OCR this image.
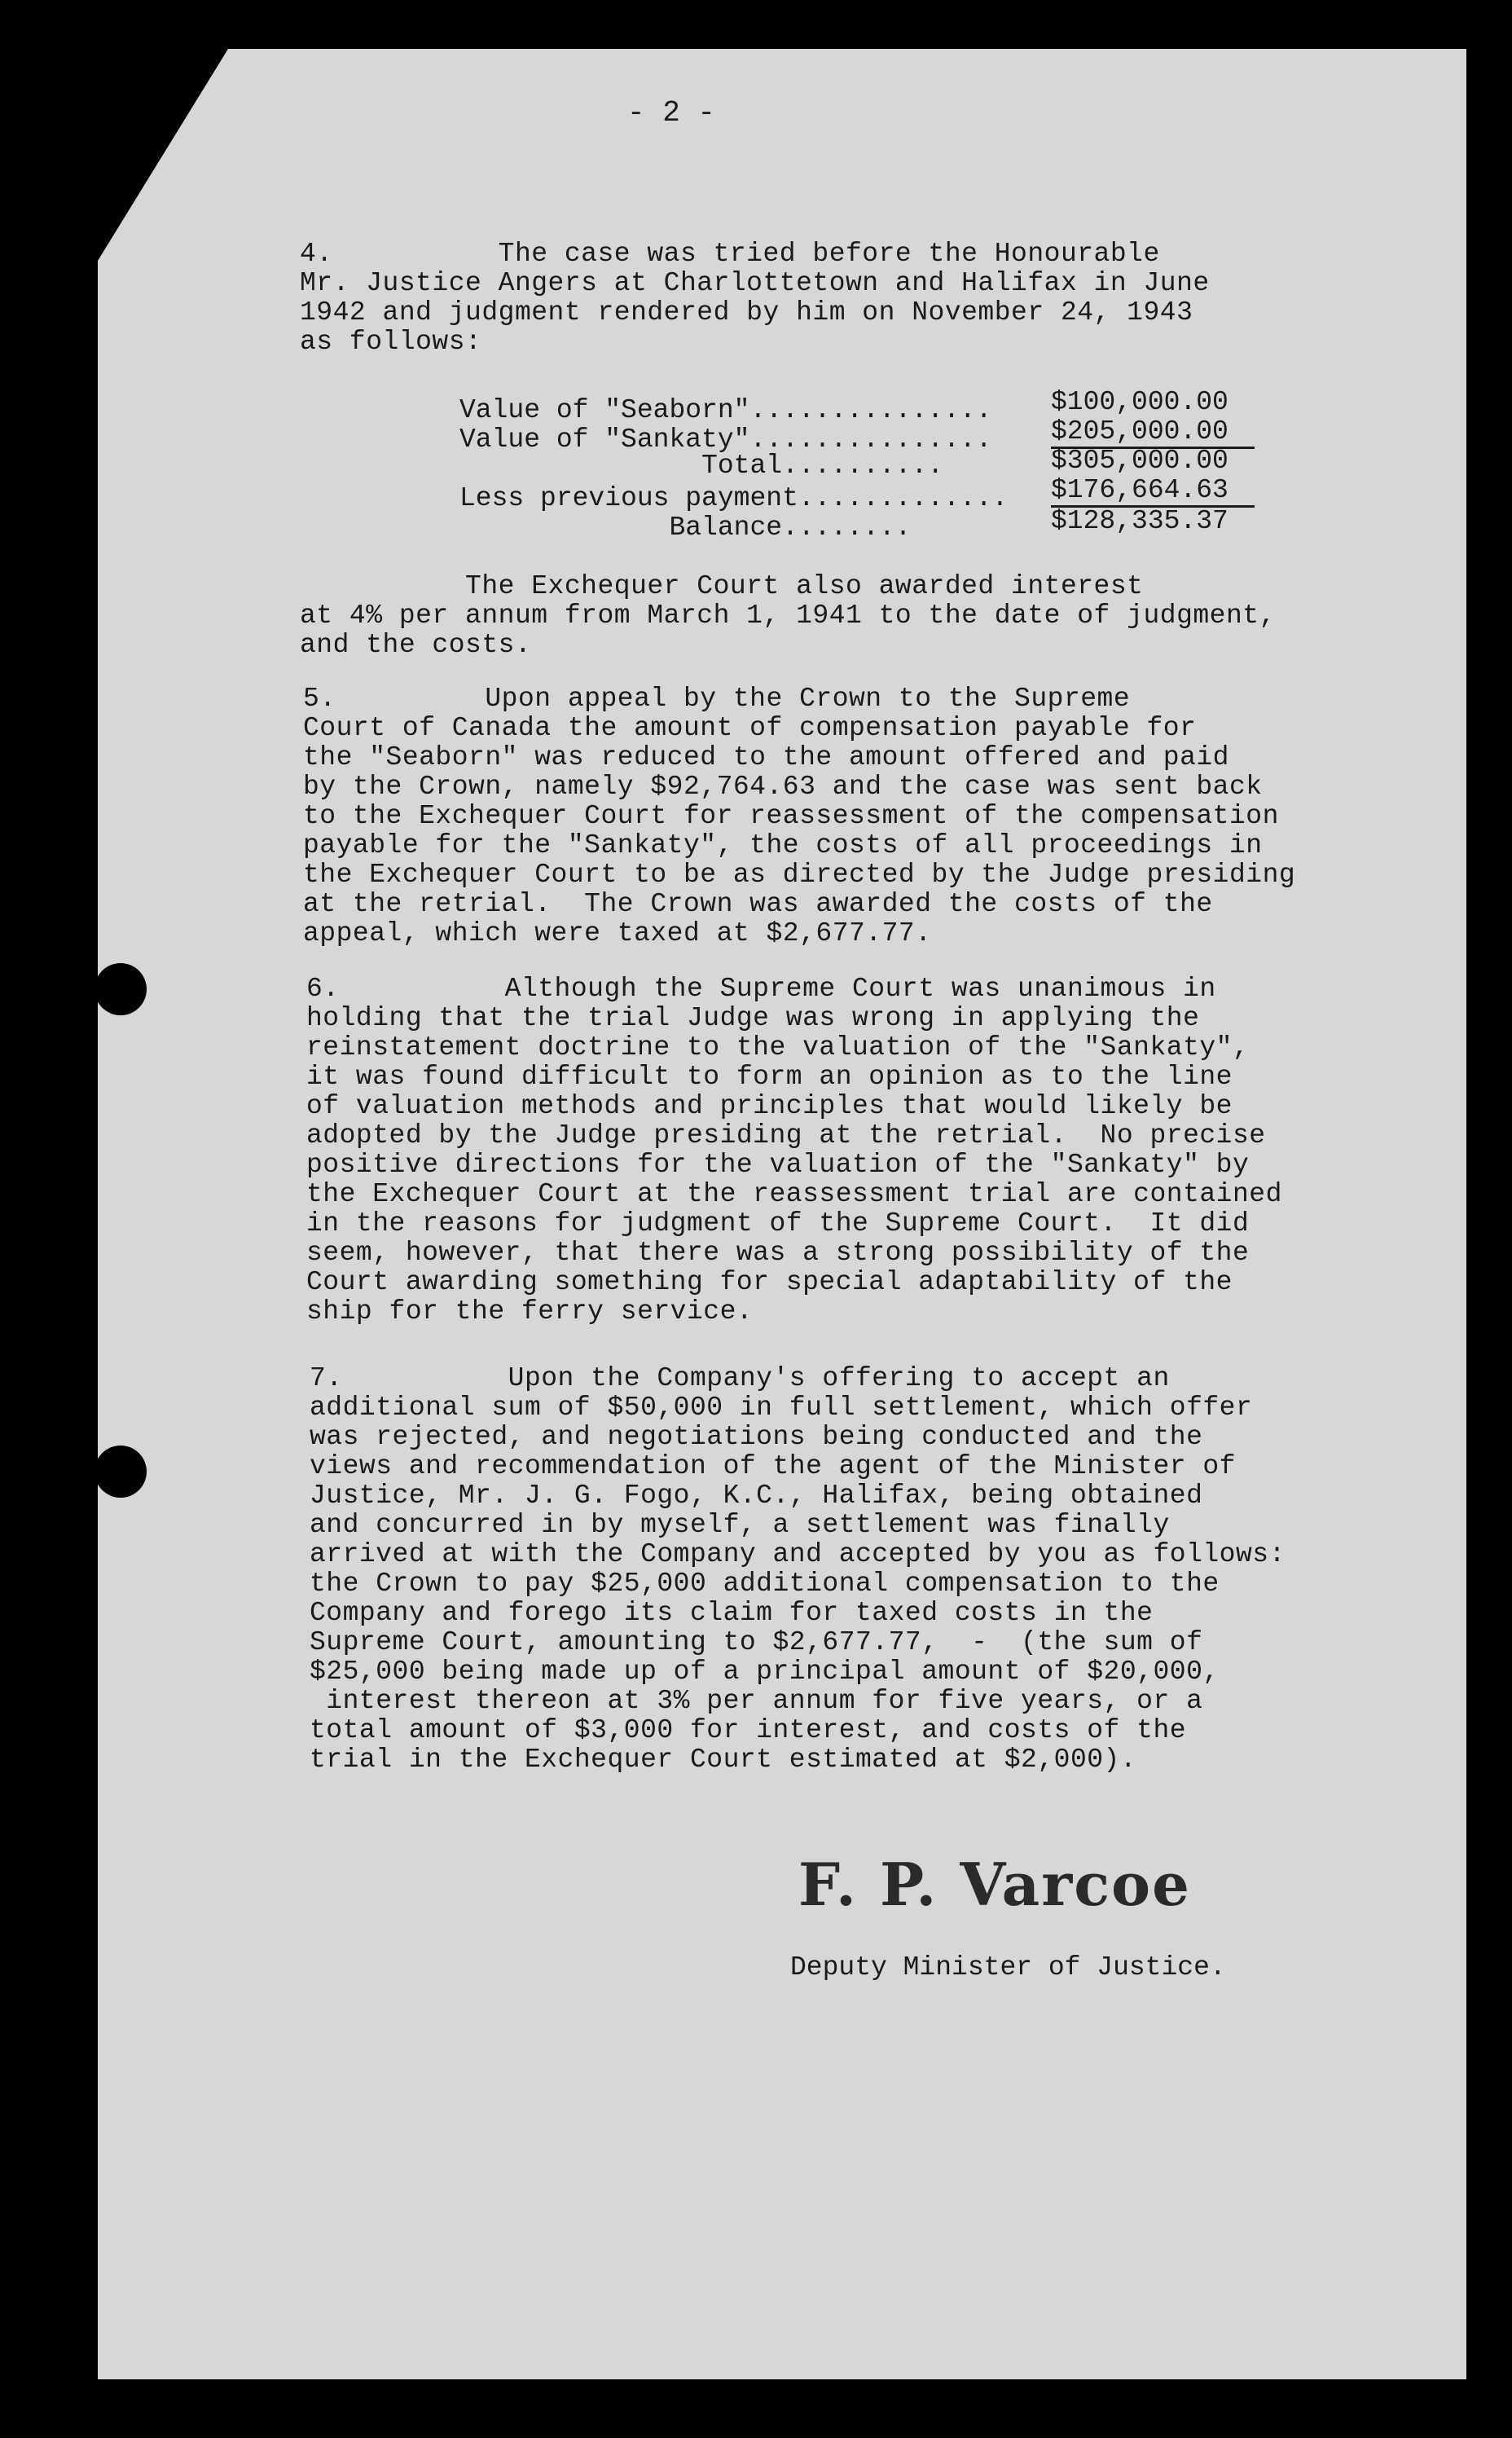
- 2 -
4.          The case was tried before the Honourable
Mr. Justice Angers at Charlottetown and Halifax in June
1942 and judgment rendered by him on November 24, 1943
as follows:
Value of "Seaborn"............... $100,000.00
Value of "Sankaty"............... $205,000.00
Total..........	$305,000.00
Less previous payment............. $176,664.63
Balance........	$128,335.37
The Exchequer Court also awarded interest
at 4% per annum from March 1, 1941 to the date of judgment,
and the costs.
5.         Upon appeal by the Crown to the Supreme
Court of Canada the amount of compensation payable for
the "Seaborn" was reduced to the amount offered and paid
by the Crown, namely $92,764.63 and the case was sent back
to the Exchequer Court for reassessment of the compensation
payable for the "Sankaty", the costs of all proceedings in
the Exchequer Court to be as directed by the Judge presiding
at the retrial.  The Crown was awarded the costs of the
appeal, which were taxed at $2,677.77.
6.          Although the Supreme Court was unanimous in
holding that the trial Judge was wrong in applying the
reinstatement doctrine to the valuation of the "Sankaty",
it was found difficult to form an opinion as to the line
of valuation methods and principles that would likely be
adopted by the Judge presiding at the retrial.  No precise
positive directions for the valuation of the "Sankaty" by
the Exchequer Court at the reassessment trial are contained
in the reasons for judgment of the Supreme Court.  It did
seem, however, that there was a strong possibility of the
Court awarding something for special adaptability of the
ship for the ferry service.
7.          Upon the Company's offering to accept an
additional sum of $50,000 in full settlement, which offer
was rejected, and negotiations being conducted and the
views and recommendation of the agent of the Minister of
Justice, Mr. J. G. Fogo, K.C., Halifax, being obtained
and concurred in by myself, a settlement was finally
arrived at with the Company and accepted by you as follows:
the Crown to pay $25,000 additional compensation to the
Company and forego its claim for taxed costs in the
Supreme Court, amounting to $2,677.77,  -  (the sum of
$25,000 being made up of a principal amount of $20,000,
interest thereon at 3% per annum for five years, or a
total amount of $3,000 for interest, and costs of the
trial in the Exchequer Court estimated at $2,000).
F. P. Varcoe
Deputy Minister of Justice.
